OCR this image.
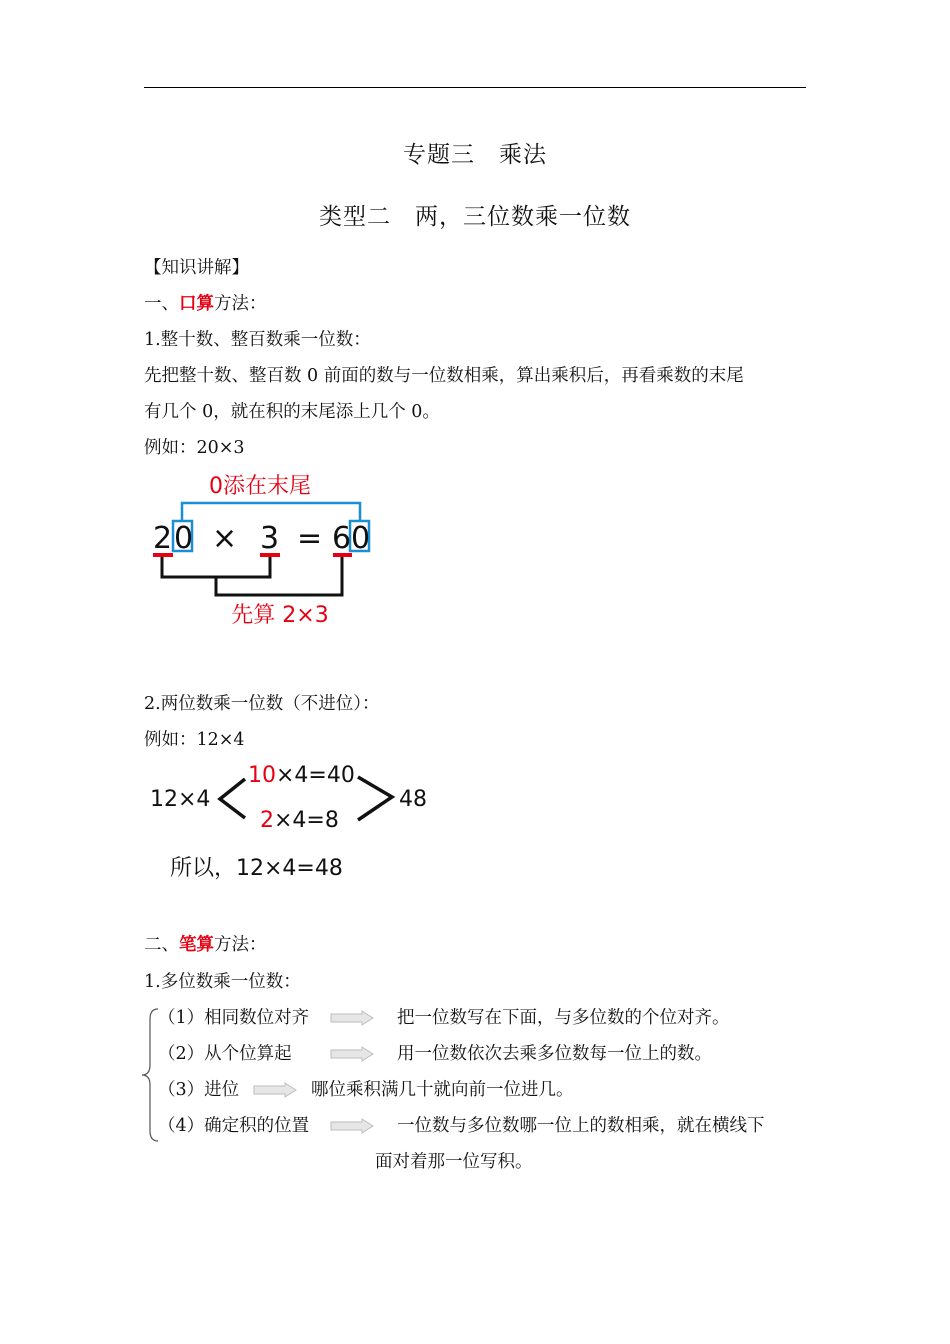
专题三　乘法
类型二　两，三位数乘一位数
【知识讲解】
一、口算方法：
1.整十数、整百数乘一位数：
先把整十数、整百数 0 前面的数与一位数相乘，算出乘积后，再看乘数的末尾
有几个 0，就在积的末尾添上几个 0。
例如：20×3
0添在末尾
2 0 × 3 = 6 0
先算 2×3
2.两位数乘一位数（不进位）：
例如：12×4
12×4
10×4=40
2×4=8
48
所以，12×4=48
二、笔算方法：
1.多位数乘一位数：
（1）相同数位对齐	把一位数写在下面，与多位数的个位对齐。
（2）从个位算起	用一位数依次去乘多位数每一位上的数。
（3）进位	哪位乘积满几十就向前一位进几。
（4）确定积的位置	一位数与多位数哪一位上的数相乘，就在横线下
面对着那一位写积。
